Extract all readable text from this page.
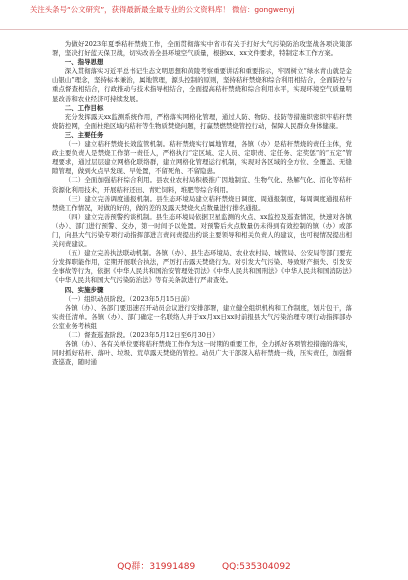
关注头条号“公文研究”，获得最新最全最专业的公文资料库！ 微信：gongwenyj

为做好2023年夏季秸秆禁烧工作，全面贯彻落实中省市有关于打好大气污染防治攻坚战各项决策部署，坚决打好蓝天保卫战，切实改善全县环境空气质量，根据xx、xx文件要求，特制定本工作方案。

一、指导思想

深入贯彻落实习近平总书记生态文明思想和黄陵考察重要讲话和重要指示，牢固树立“绿水青山就是金山银山”理念，坚持标本兼治，属地管理，源头控制的原则，坚持秸秆禁烧和综合利用相结合，全面防控与重点督查相结合，行政推动与技术指导相结合，全面提高秸秆禁烧和综合利用水平，实现环境空气质量明显改善和农业经济可持续发展。

二、工作目标

充分发挥露天xx监测系统作用，严格落实网格化管理，通过人防、物防、技防等措施织密织牢秸秆禁烧防控网，全面杜绝区域内秸秆等生物质焚烧问题，打赢禁燃禁烧管控行动，保障人民群众身体健康。

三、主要任务

（一）建立秸秆禁烧长效监管机制。秸秆禁烧实行属地管理，各镇（办）是秸秆禁烧的责任主体，党政主要负责人是禁烧工作第一责任人，严格执行“定区域、定人员、定职责、定任务、定奖惩”的“五定”管理要求，通过层层建立网格化联络群，建立网格化管理运行机制，实现对各区域的全方位、全覆盖、无缝隙管理，做到火点早发现、早处置，不留死角、不留隐患。

（二）全面加强秸秆综合利用。县农业农村局积极推广因地制宜、生物气化、热解气化、沼化等秸秆资源化利用技术，开展秸秆还田、青贮饲料，堆肥等综合利用。

（三）建立完善调度通报机制。县生态环境局建立秸秆禁烧日调度、周通报制度，每周调度通报秸秆禁烧工作情况，对做的好的，做的差的及露天焚烧火点数量进行排名通报。

（四）建立完善预警约谈机制。县生态环境局依据卫星监测的火点、xx监控及巡查情况，快速对各镇（办）、部门进行预警、交办，第一时间予以处置。对预警后火点数量仍未得到有效控制的镇（办）或部门，向县大气污染专项行动指挥部进言责问责提出约谈主要领导和相关负责人的建议，也可视情况提出相关问责建议。

（五）建立完善执法联动机制。各镇（办）、县生态环境局、农业农村局、城管局、公安局等部门要充分发挥职能作用，定期开展联合执法，严厉打击露天焚烧行为。对引发大气污染、导致财产损失、引发安全事故等行为，依据《中华人民共和国治安管理处罚法》《中华人民共和国刑法》《中华人民共和国消防法》《中华人民共和国大气污染防治法》等有关条款进行严肃查处。

四、实施步骤

（一）组织动员阶段。（2023年5月15日前）

各镇（办）、各部门要迅速召开动员会议进行安排部署，建立健全组织机构和工作制度，划片包干，落实责任清单。各镇（办）、部门确定一名联络人并于xx月xx日xx时前报县大气污染治理专项行动指挥部办公室业务考核组

（二）督查巡查阶段。（2023年5月12日至6月30日）

各镇（办）、各有关单位要将秸秆禁烧工作作为这一时期的重要工作，全力抓好各项管控措施的落实，同时抓好秸秆、落叶、垃圾、荒草露天焚烧的管控。动员广大干部深入秸秆禁烧一线，压实责任，加强督查巡查，随时通

QQ群：31991489	QQ:535304092
